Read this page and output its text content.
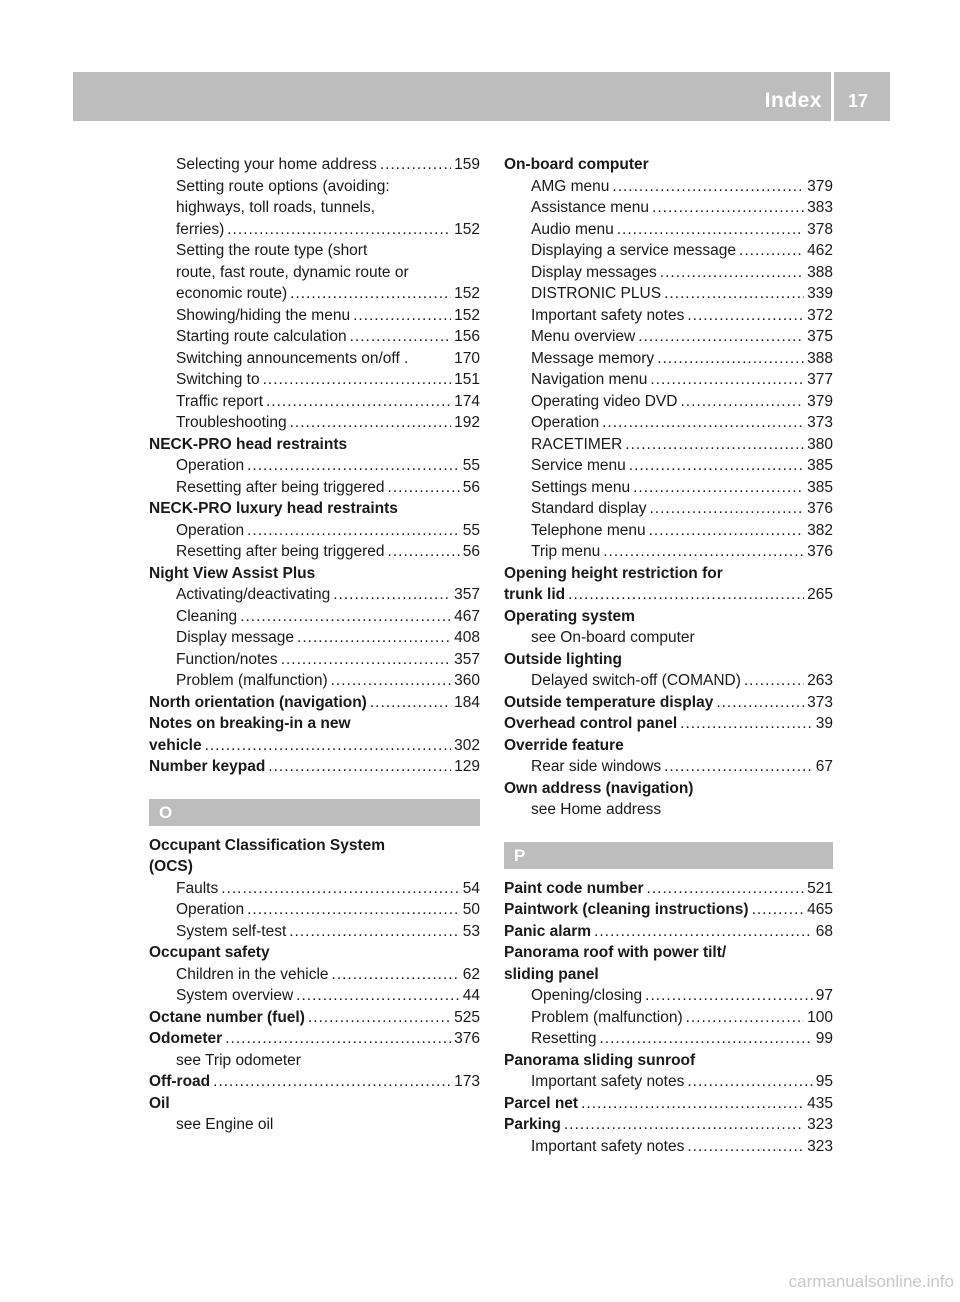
Index 17
Selecting your home address .....	159
Setting route options (avoiding:
highways, toll roads, tunnels,
ferries) .....	152
Setting the route type (short
route, fast route, dynamic route or
economic route) .....	152
Showing/hiding the menu .....	152
Starting route calculation .....	156
Switching announcements on/off .	170
Switching to .....	151
Traffic report .....	174
Troubleshooting .....	192
NECK-PRO head restraints
Operation .....	55
Resetting after being triggered .....	56
NECK-PRO luxury head restraints
Operation .....	55
Resetting after being triggered .....	56
Night View Assist Plus
Activating/deactivating .....	357
Cleaning .....	467
Display message .....	408
Function/notes .....	357
Problem (malfunction) .....	360
North orientation (navigation) .....	184
Notes on breaking-in a new
vehicle .....	302
Number keypad .....	129
O
Occupant Classification System
(OCS)
Faults .....	54
Operation .....	50
System self-test .....	53
Occupant safety
Children in the vehicle .....	62
System overview .....	44
Octane number (fuel) .....	525
Odometer .....	376
see Trip odometer
Off-road .....	173
Oil
see Engine oil
On-board computer
AMG menu .....	379
Assistance menu .....	383
Audio menu .....	378
Displaying a service message .....	462
Display messages .....	388
DISTRONIC PLUS .....	339
Important safety notes .....	372
Menu overview .....	375
Message memory .....	388
Navigation menu .....	377
Operating video DVD .....	379
Operation .....	373
RACETIMER .....	380
Service menu .....	385
Settings menu .....	385
Standard display .....	376
Telephone menu .....	382
Trip menu .....	376
Opening height restriction for
trunk lid .....	265
Operating system
see On-board computer
Outside lighting
Delayed switch-off (COMAND) .....	263
Outside temperature display .....	373
Overhead control panel .....	39
Override feature
Rear side windows .....	67
Own address (navigation)
see Home address
P
Paint code number .....	521
Paintwork (cleaning instructions) .....	465
Panic alarm .....	68
Panorama roof with power tilt/
sliding panel
Opening/closing .....	97
Problem (malfunction) .....	100
Resetting .....	99
Panorama sliding sunroof
Important safety notes .....	95
Parcel net .....	435
Parking .....	323
Important safety notes .....	323
carmanualsonline.info
